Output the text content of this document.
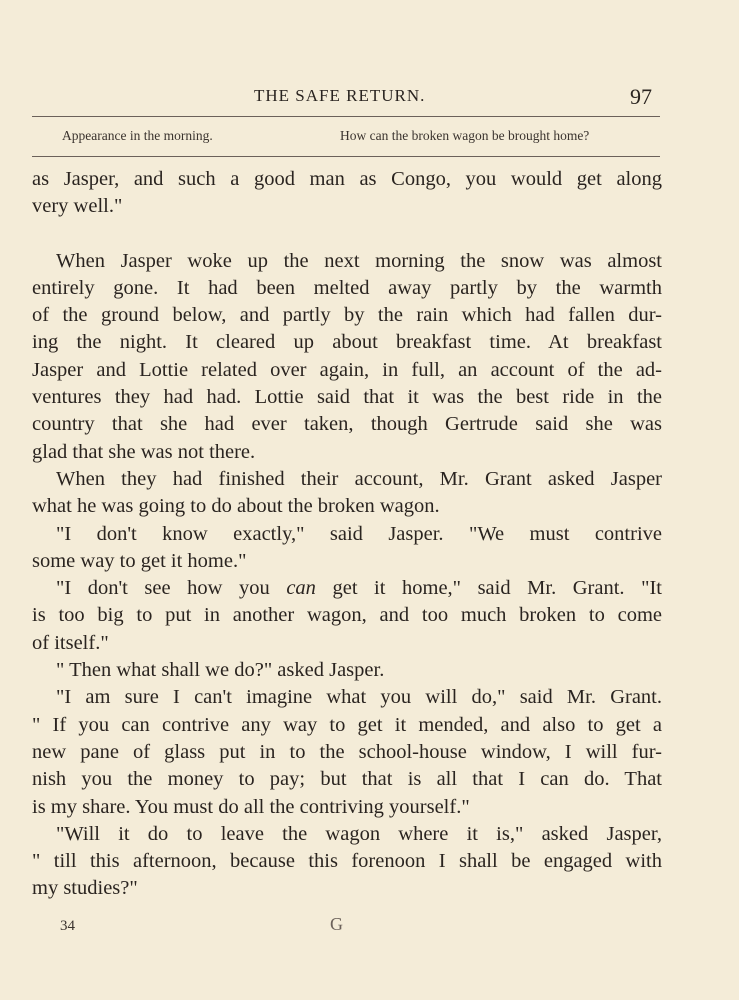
THE SAFE RETURN.	97
Appearance in the morning.	How can the broken wagon be brought home?
as Jasper, and such a good man as Congo, you would get along
very well."
When Jasper woke up the next morning the snow was almost
entirely gone. It had been melted away partly by the warmth
of the ground below, and partly by the rain which had fallen dur-
ing the night. It cleared up about breakfast time. At breakfast
Jasper and Lottie related over again, in full, an account of the ad-
ventures they had had. Lottie said that it was the best ride in the
country that she had ever taken, though Gertrude said she was
glad that she was not there.
When they had finished their account, Mr. Grant asked Jasper
what he was going to do about the broken wagon.
"I don't know exactly," said Jasper. "We must contrive
some way to get it home."
"I don't see how you can get it home," said Mr. Grant. "It
is too big to put in another wagon, and too much broken to come
of itself."
" Then what shall we do?" asked Jasper.
"I am sure I can't imagine what you will do," said Mr. Grant.
" If you can contrive any way to get it mended, and also to get a
new pane of glass put in to the school-house window, I will fur-
nish you the money to pay; but that is all that I can do. That
is my share. You must do all the contriving yourself."
"Will it do to leave the wagon where it is," asked Jasper,
" till this afternoon, because this forenoon I shall be engaged with
my studies?"
34	G
